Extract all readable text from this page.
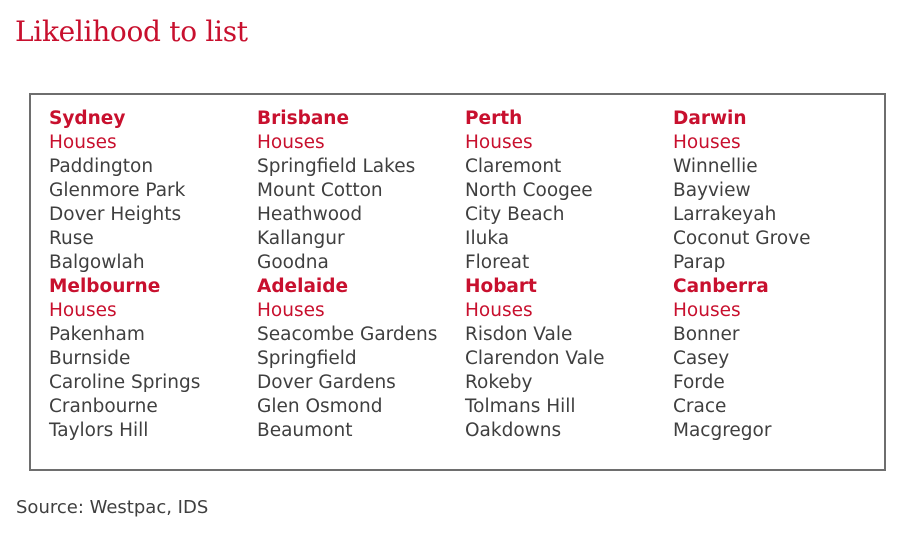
Likelihood to list
Sydney
Houses
Paddington
Glenmore Park
Dover Heights
Ruse
Balgowlah
Brisbane
Houses
Springfield Lakes
Mount Cotton
Heathwood
Kallangur
Goodna
Perth
Houses
Claremont
North Coogee
City Beach
Iluka
Floreat
Darwin
Houses
Winnellie
Bayview
Larrakeyah
Coconut Grove
Parap
Melbourne
Houses
Pakenham
Burnside
Caroline Springs
Cranbourne
Taylors Hill
Adelaide
Houses
Seacombe Gardens
Springfield
Dover Gardens
Glen Osmond
Beaumont
Hobart
Houses
Risdon Vale
Clarendon Vale
Rokeby
Tolmans Hill
Oakdowns
Canberra
Houses
Bonner
Casey
Forde
Crace
Macgregor
Source: Westpac, IDS
